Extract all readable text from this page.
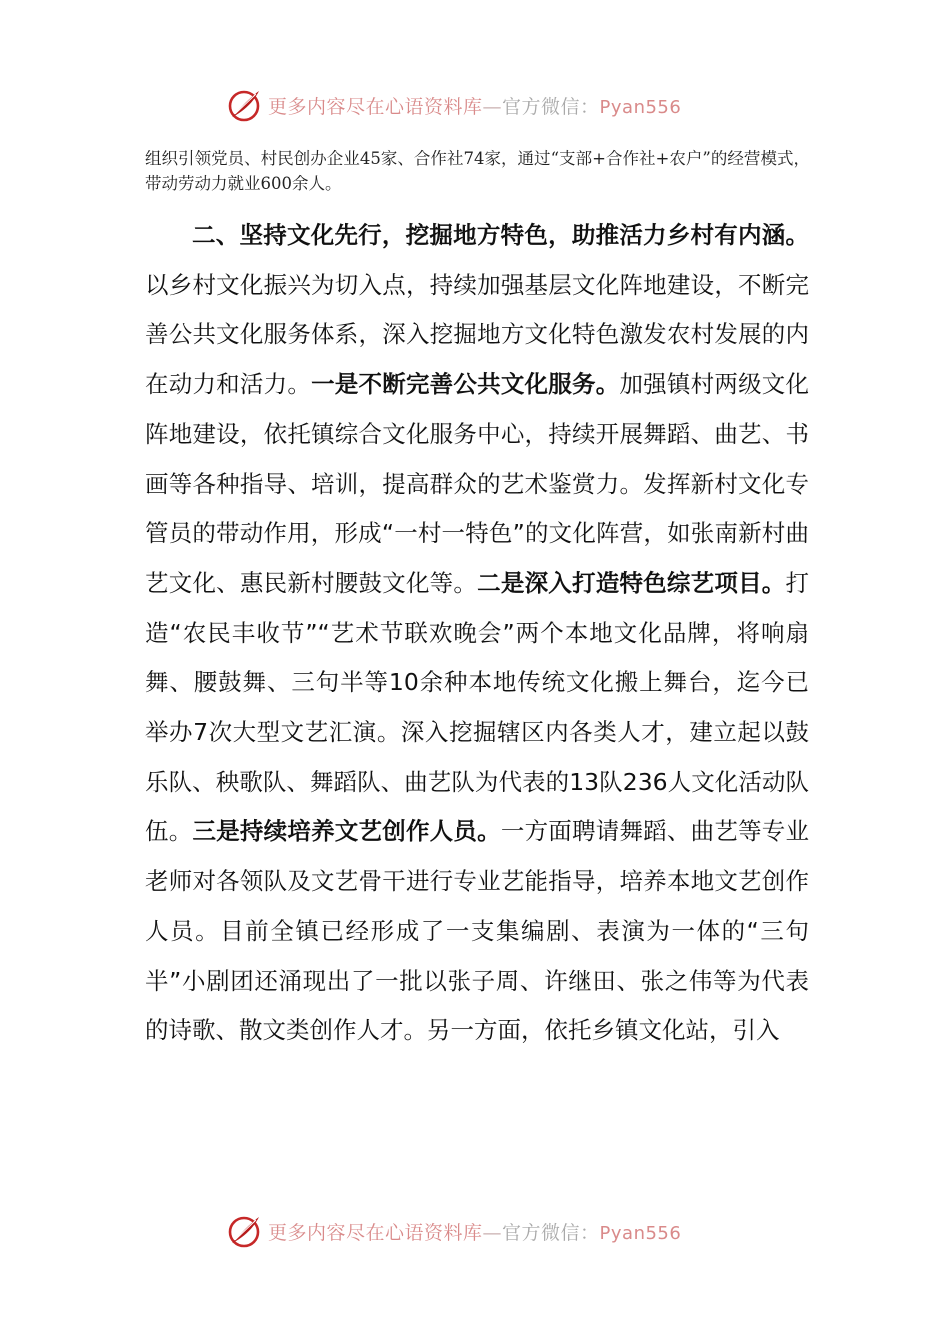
更多内容尽在心语资料库—官方微信：Pyan556
组织引领党员、村民创办企业45家、合作社74家，通过“支部+合作社+农户”的经营模式，带动劳动力就业600余人。

二、坚持文化先行，挖掘地方特色，助推活力乡村有内涵。以乡村文化振兴为切入点，持续加强基层文化阵地建设，不断完善公共文化服务体系，深入挖掘地方文化特色激发农村发展的内在动力和活力。一是不断完善公共文化服务。加强镇村两级文化阵地建设，依托镇综合文化服务中心，持续开展舞蹈、曲艺、书画等各种指导、培训，提高群众的艺术鉴赏力。发挥新村文化专管员的带动作用，形成“一村一特色”的文化阵营，如张南新村曲艺文化、惠民新村腰鼓文化等。二是深入打造特色综艺项目。打造“农民丰收节”“艺术节联欢晚会”两个本地文化品牌，将响扇舞、腰鼓舞、三句半等10余种本地传统文化搬上舞台，迄今已举办7次大型文艺汇演。深入挖掘辖区内各类人才，建立起以鼓乐队、秧歌队、舞蹈队、曲艺队为代表的13队236人文化活动队伍。三是持续培养文艺创作人员。一方面聘请舞蹈、曲艺等专业老师对各领队及文艺骨干进行专业艺能指导，培养本地文艺创作人员。目前全镇已经形成了一支集编剧、表演为一体的“三句半”小剧团还涌现出了一批以张子周、许继田、张之伟等为代表的诗歌、散文类创作人才。另一方面，依托乡镇文化站，引入

更多内容尽在心语资料库—官方微信：Pyan556
